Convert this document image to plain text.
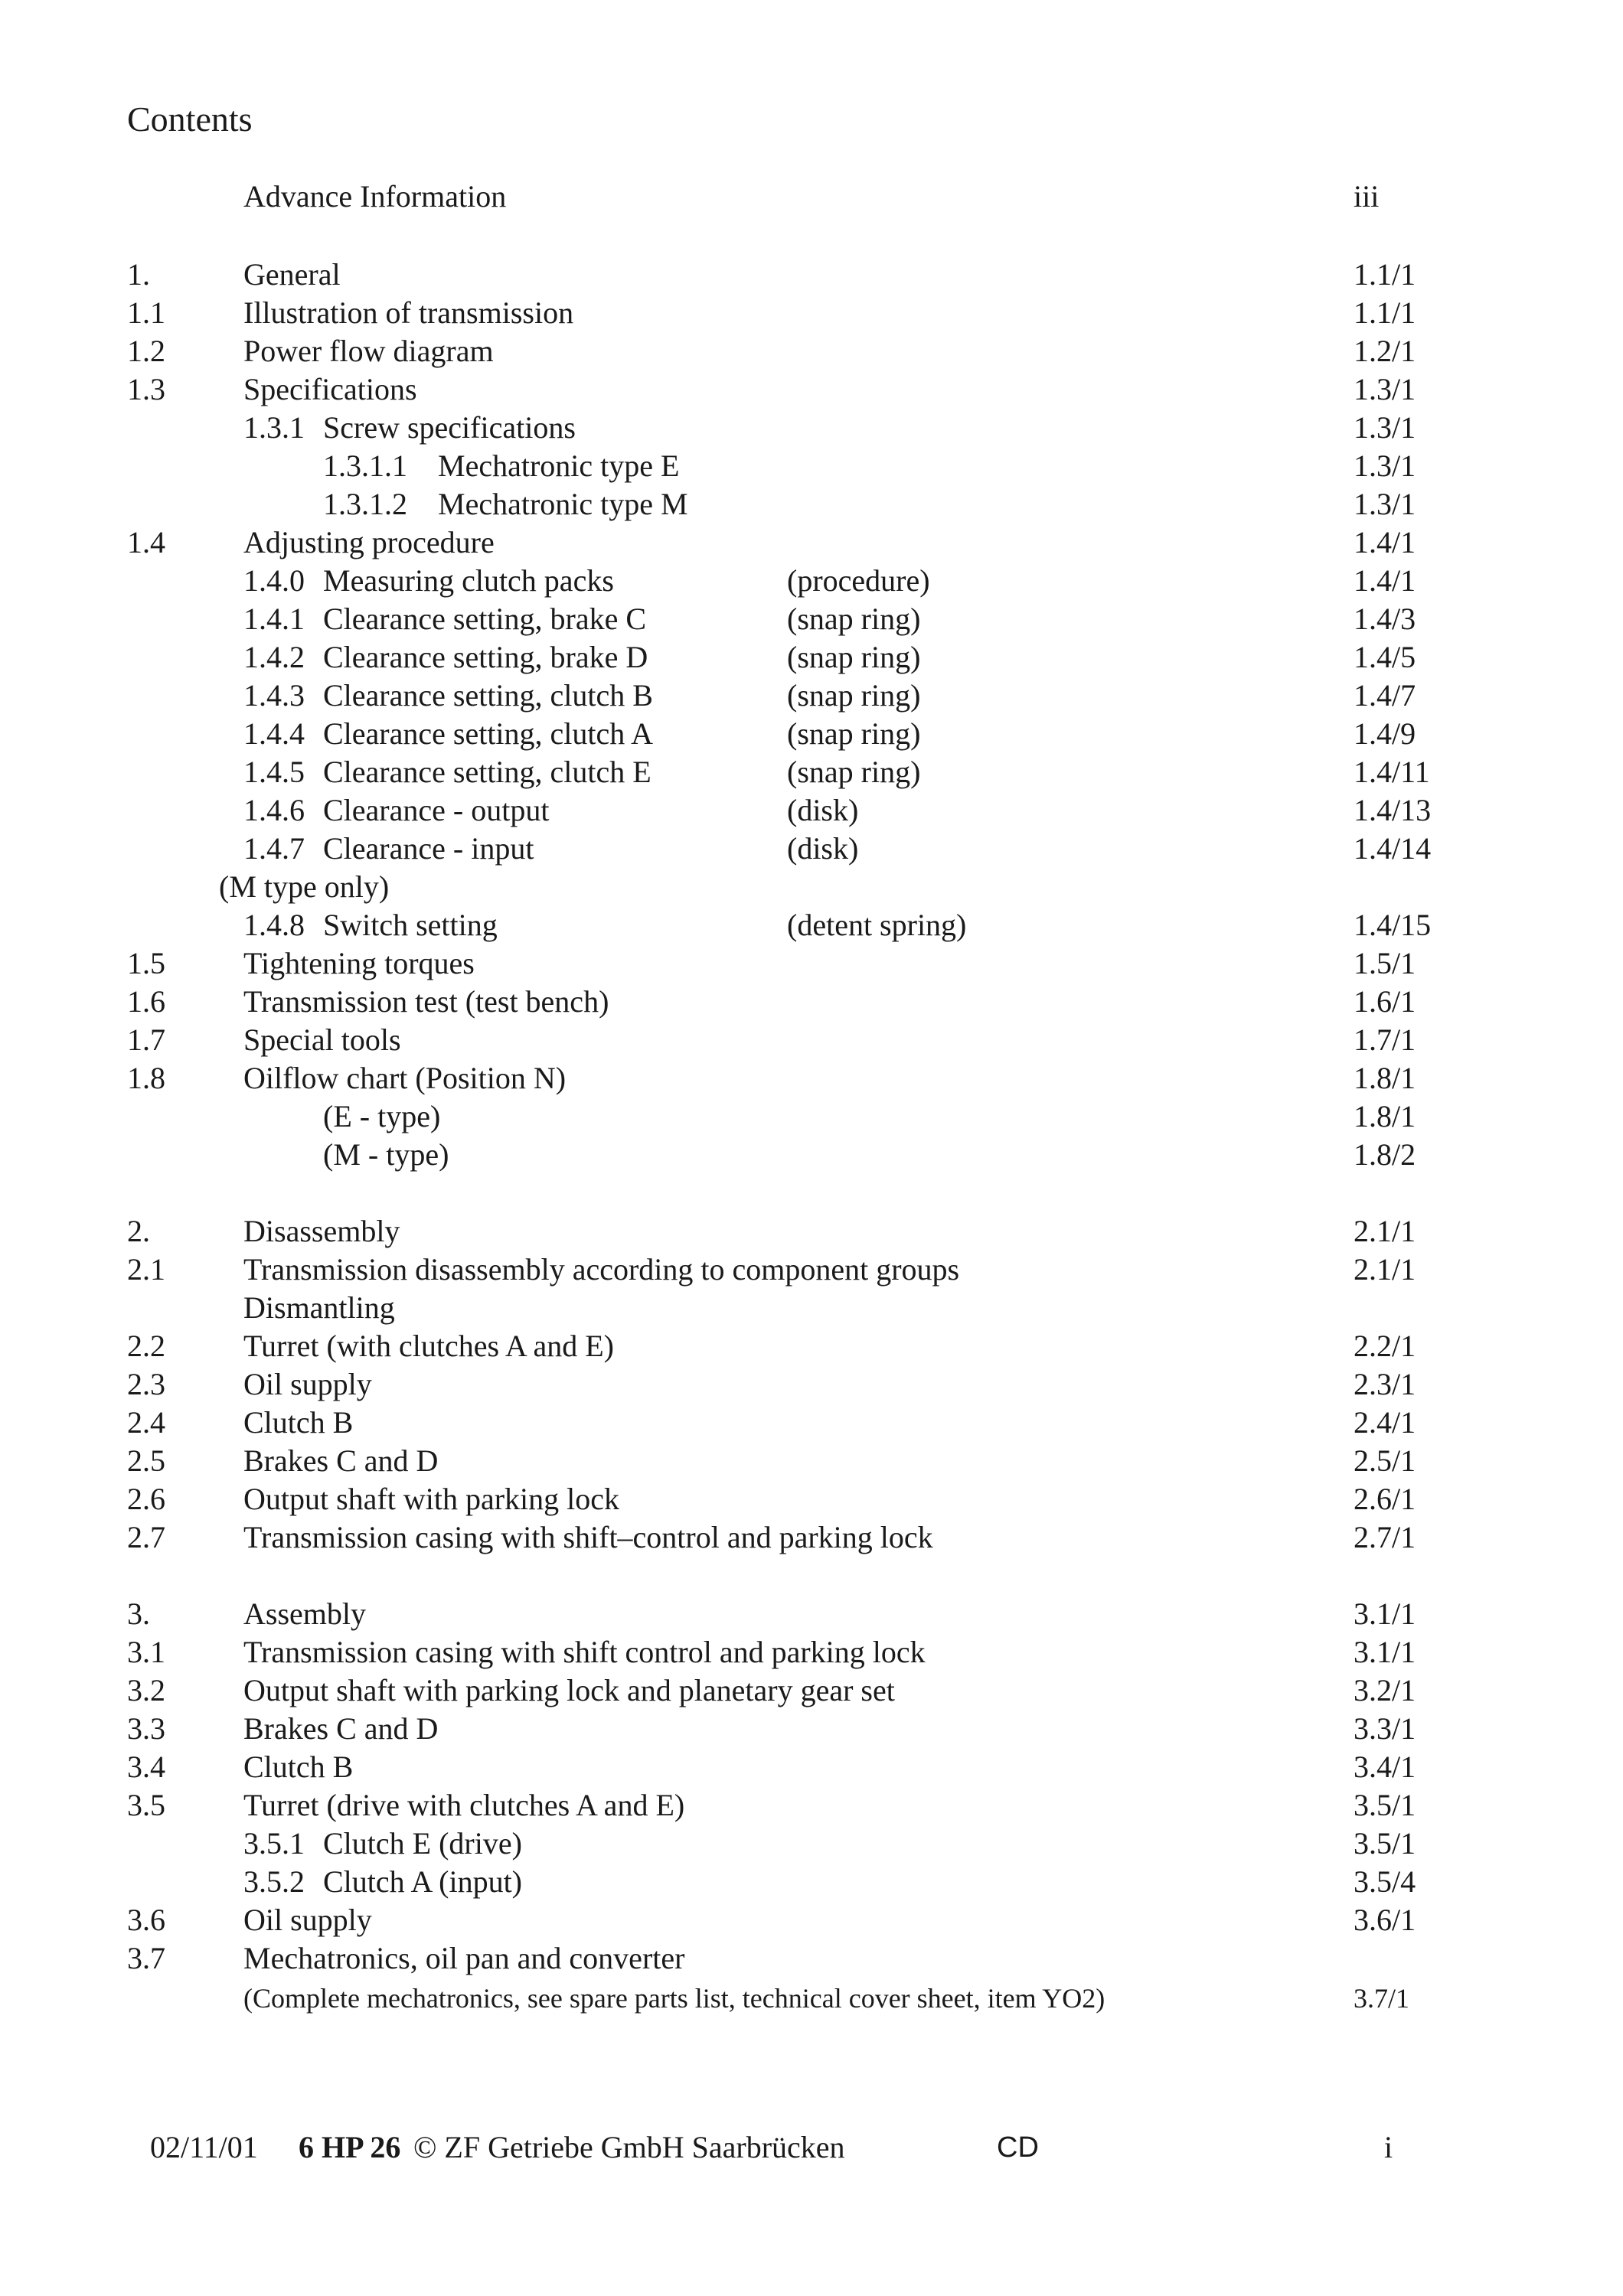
Contents
Advance Information	iii
1.	General	1.1/1
1.1	Illustration of transmission	1.1/1
1.2	Power flow diagram	1.2/1
1.3	Specifications	1.3/1
1.3.1 Screw specifications	1.3/1
1.3.1.1 Mechatronic type E	1.3/1
1.3.1.2 Mechatronic type M	1.3/1
1.4	Adjusting procedure	1.4/1
1.4.0 Measuring clutch packs	(procedure)	1.4/1
1.4.1 Clearance setting, brake C	(snap ring)	1.4/3
1.4.2 Clearance setting, brake D	(snap ring)	1.4/5
1.4.3 Clearance setting, clutch B	(snap ring)	1.4/7
1.4.4 Clearance setting, clutch A	(snap ring)	1.4/9
1.4.5 Clearance setting, clutch E	(snap ring)	1.4/11
1.4.6 Clearance - output	(disk)	1.4/13
1.4.7 Clearance - input	(disk)	1.4/14
(M type only)
1.4.8 Switch setting	(detent spring)	1.4/15
1.5	Tightening torques	1.5/1
1.6	Transmission test (test bench)	1.6/1
1.7	Special tools	1.7/1
1.8	Oilflow chart (Position N)	1.8/1
(E - type)	1.8/1
(M - type)	1.8/2
2.	Disassembly	2.1/1
2.1	Transmission disassembly according to component groups	2.1/1
Dismantling
2.2	Turret (with clutches A and E)	2.2/1
2.3	Oil supply	2.3/1
2.4	Clutch B	2.4/1
2.5	Brakes C and D	2.5/1
2.6	Output shaft with parking lock	2.6/1
2.7	Transmission casing with shift–control and parking lock	2.7/1
3.	Assembly	3.1/1
3.1	Transmission casing with shift control and parking lock	3.1/1
3.2	Output shaft with parking lock and planetary gear set	3.2/1
3.3	Brakes C and D	3.3/1
3.4	Clutch B	3.4/1
3.5	Turret (drive with clutches A and E)	3.5/1
3.5.1 Clutch E (drive)	3.5/1
3.5.2 Clutch A (input)	3.5/4
3.6	Oil supply	3.6/1
3.7	Mechatronics, oil pan and converter
(Complete mechatronics, see spare parts list, technical cover sheet, item YO2)	3.7/1
02/11/01 6 HP 26 © ZF Getriebe GmbH Saarbrücken	CD	i
